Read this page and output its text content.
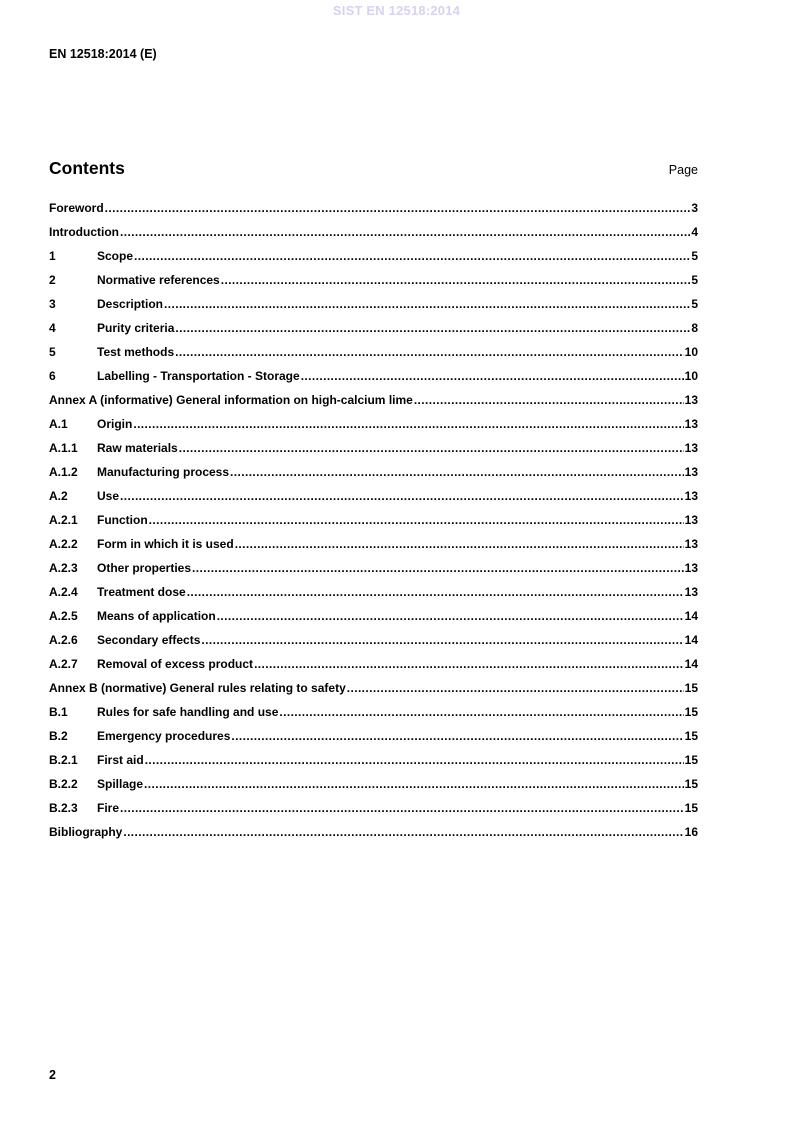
SIST EN 12518:2014
EN 12518:2014 (E)
Contents	Page
Foreword .....	3
Introduction .....	4
1	Scope .....	5
2	Normative references .....	5
3	Description .....	5
4	Purity criteria .....	8
5	Test methods .....	10
6	Labelling - Transportation - Storage .....	10
Annex A (informative) General information on high-calcium lime .....	13
A.1	Origin .....	13
A.1.1	Raw materials .....	13
A.1.2	Manufacturing process .....	13
A.2	Use .....	13
A.2.1	Function .....	13
A.2.2	Form in which it is used .....	13
A.2.3	Other properties .....	13
A.2.4	Treatment dose .....	13
A.2.5	Means of application .....	14
A.2.6	Secondary effects .....	14
A.2.7	Removal of excess product .....	14
Annex B (normative) General rules relating to safety .....	15
B.1	Rules for safe handling and use .....	15
B.2	Emergency procedures .....	15
B.2.1	First aid .....	15
B.2.2	Spillage .....	15
B.2.3	Fire .....	15
Bibliography .....	16
2
